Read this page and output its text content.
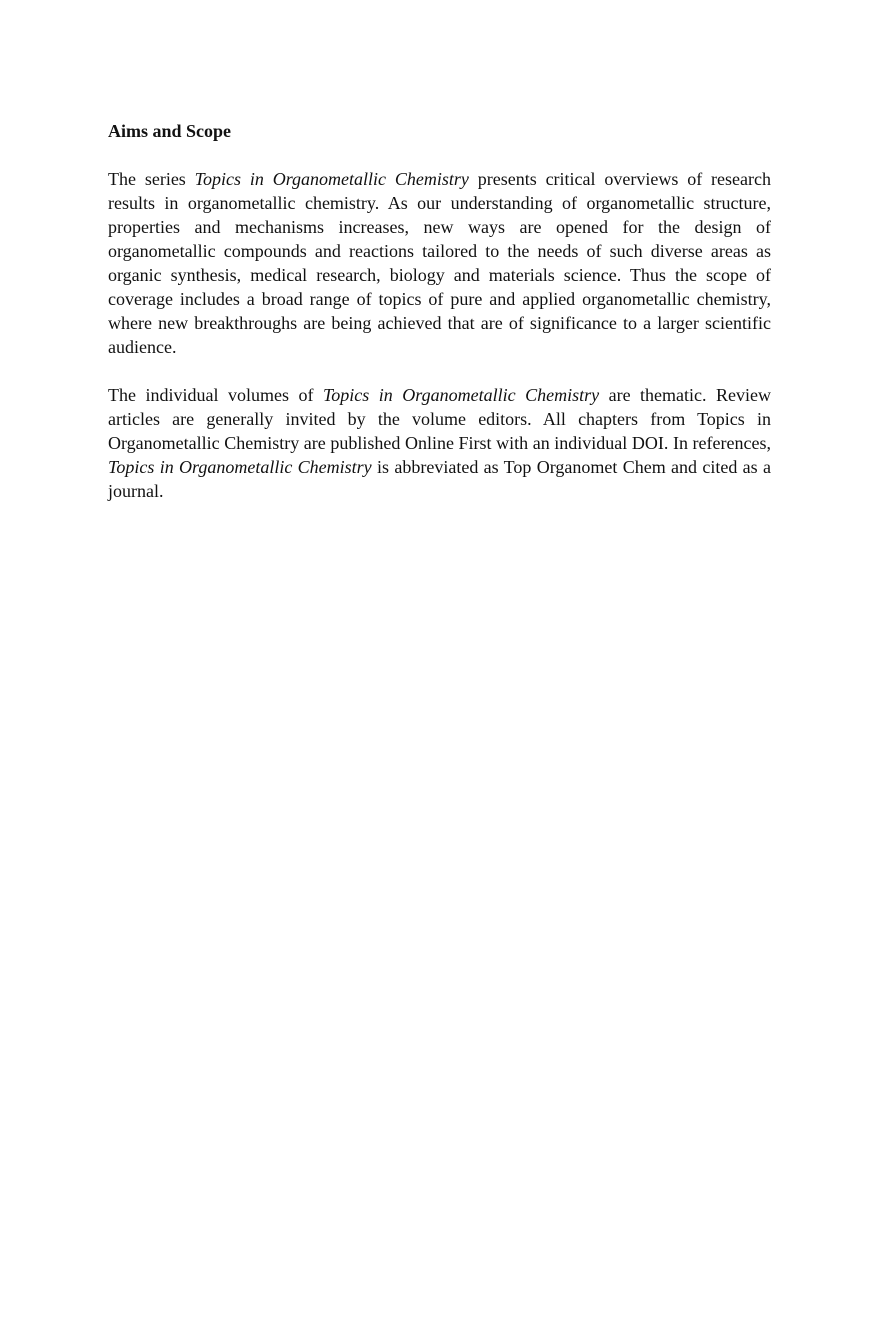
Aims and Scope

The series Topics in Organometallic Chemistry presents critical overviews of research results in organometallic chemistry. As our understanding of organometallic structure, properties and mechanisms increases, new ways are opened for the design of organometallic compounds and reactions tailored to the needs of such diverse areas as organic synthesis, medical research, biology and materials science. Thus the scope of coverage includes a broad range of topics of pure and applied organometallic chemistry, where new breakthroughs are being achieved that are of significance to a larger scientific audience.

The individual volumes of Topics in Organometallic Chemistry are thematic. Review articles are generally invited by the volume editors. All chapters from Topics in Organometallic Chemistry are published Online First with an individual DOI. In references, Topics in Organometallic Chemistry is abbreviated as Top Organomet Chem and cited as a journal.
